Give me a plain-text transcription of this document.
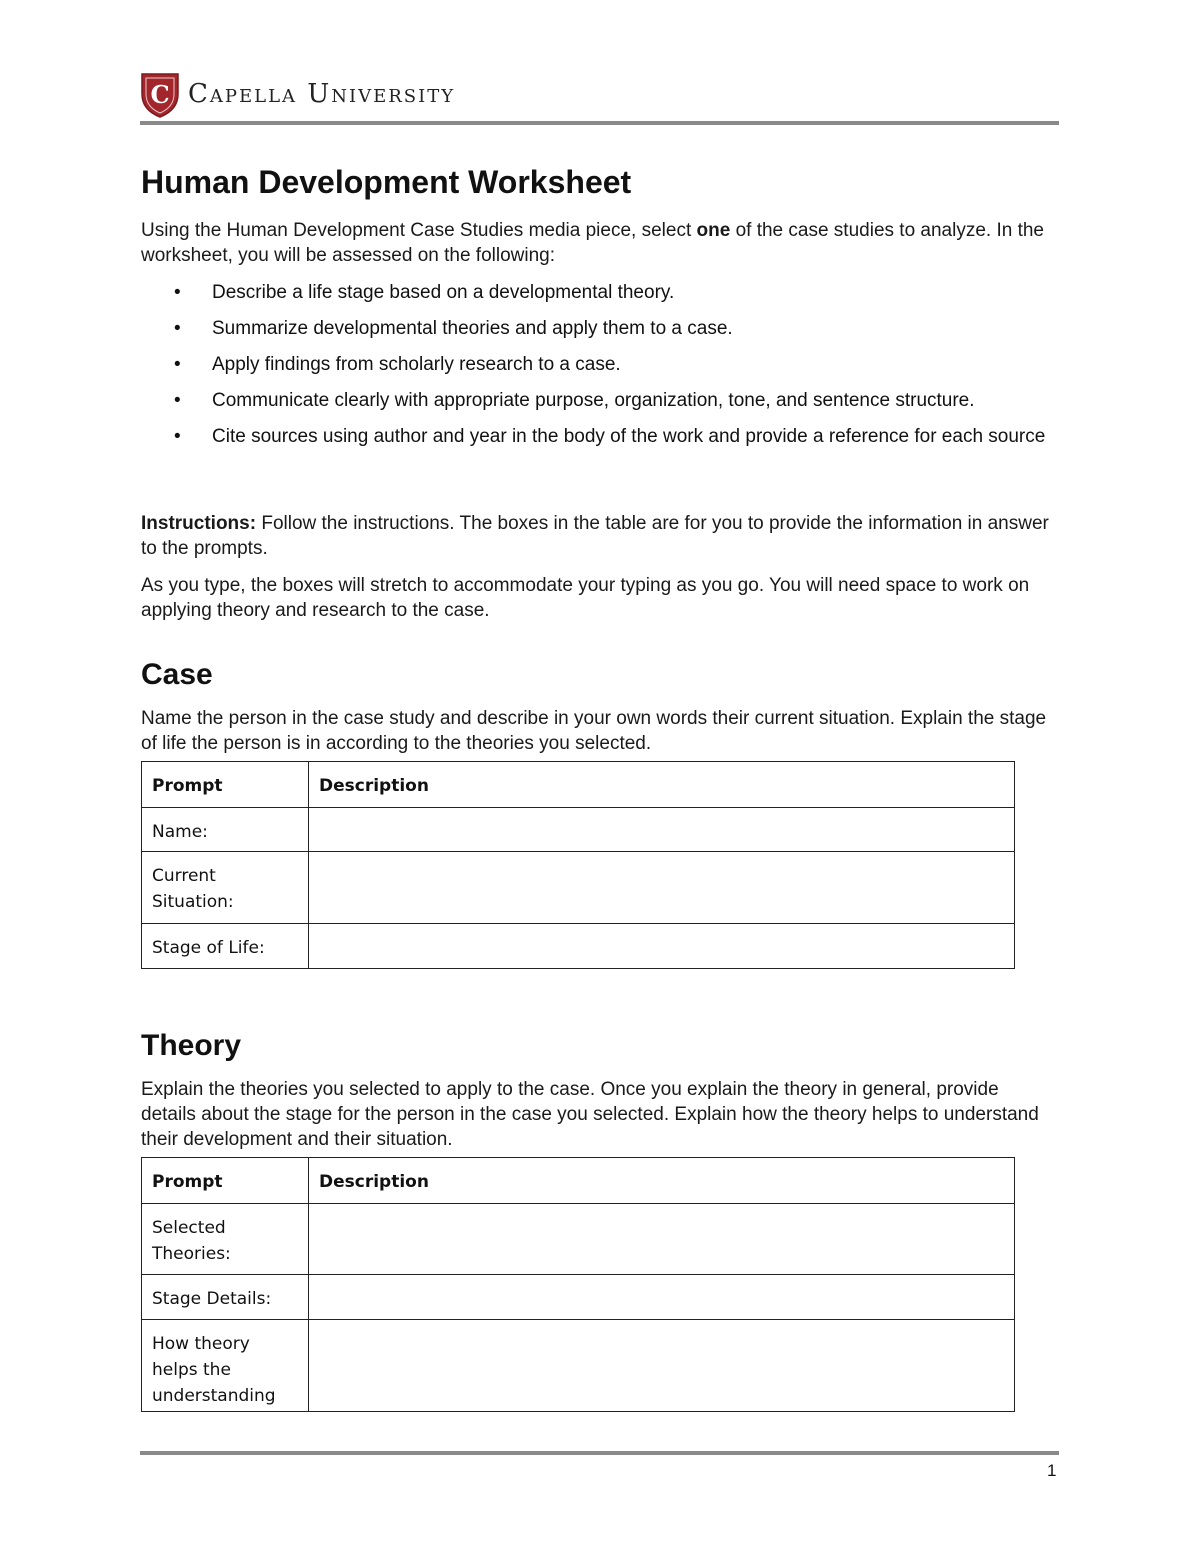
C Capella University
Human Development Worksheet

Using the Human Development Case Studies media piece, select one of the case studies to analyze. In the worksheet, you will be assessed on the following:

• Describe a life stage based on a developmental theory.
• Summarize developmental theories and apply them to a case.
• Apply findings from scholarly research to a case.
• Communicate clearly with appropriate purpose, organization, tone, and sentence structure.
• Cite sources using author and year in the body of the work and provide a reference for each source

Instructions: Follow the instructions. The boxes in the table are for you to provide the information in answer to the prompts.

As you type, the boxes will stretch to accommodate your typing as you go. You will need space to work on applying theory and research to the case.

Case

Name the person in the case study and describe in your own words their current situation. Explain the stage of life the person is in according to the theories you selected.

Prompt	Description

Name:	

Current Situation:	

Stage of Life:	

Theory

Explain the theories you selected to apply to the case. Once you explain the theory in general, provide details about the stage for the person in the case you selected. Explain how the theory helps to understand their development and their situation.

Prompt	Description

Selected Theories:	

Stage Details:	

How theory helps the understanding	

1
